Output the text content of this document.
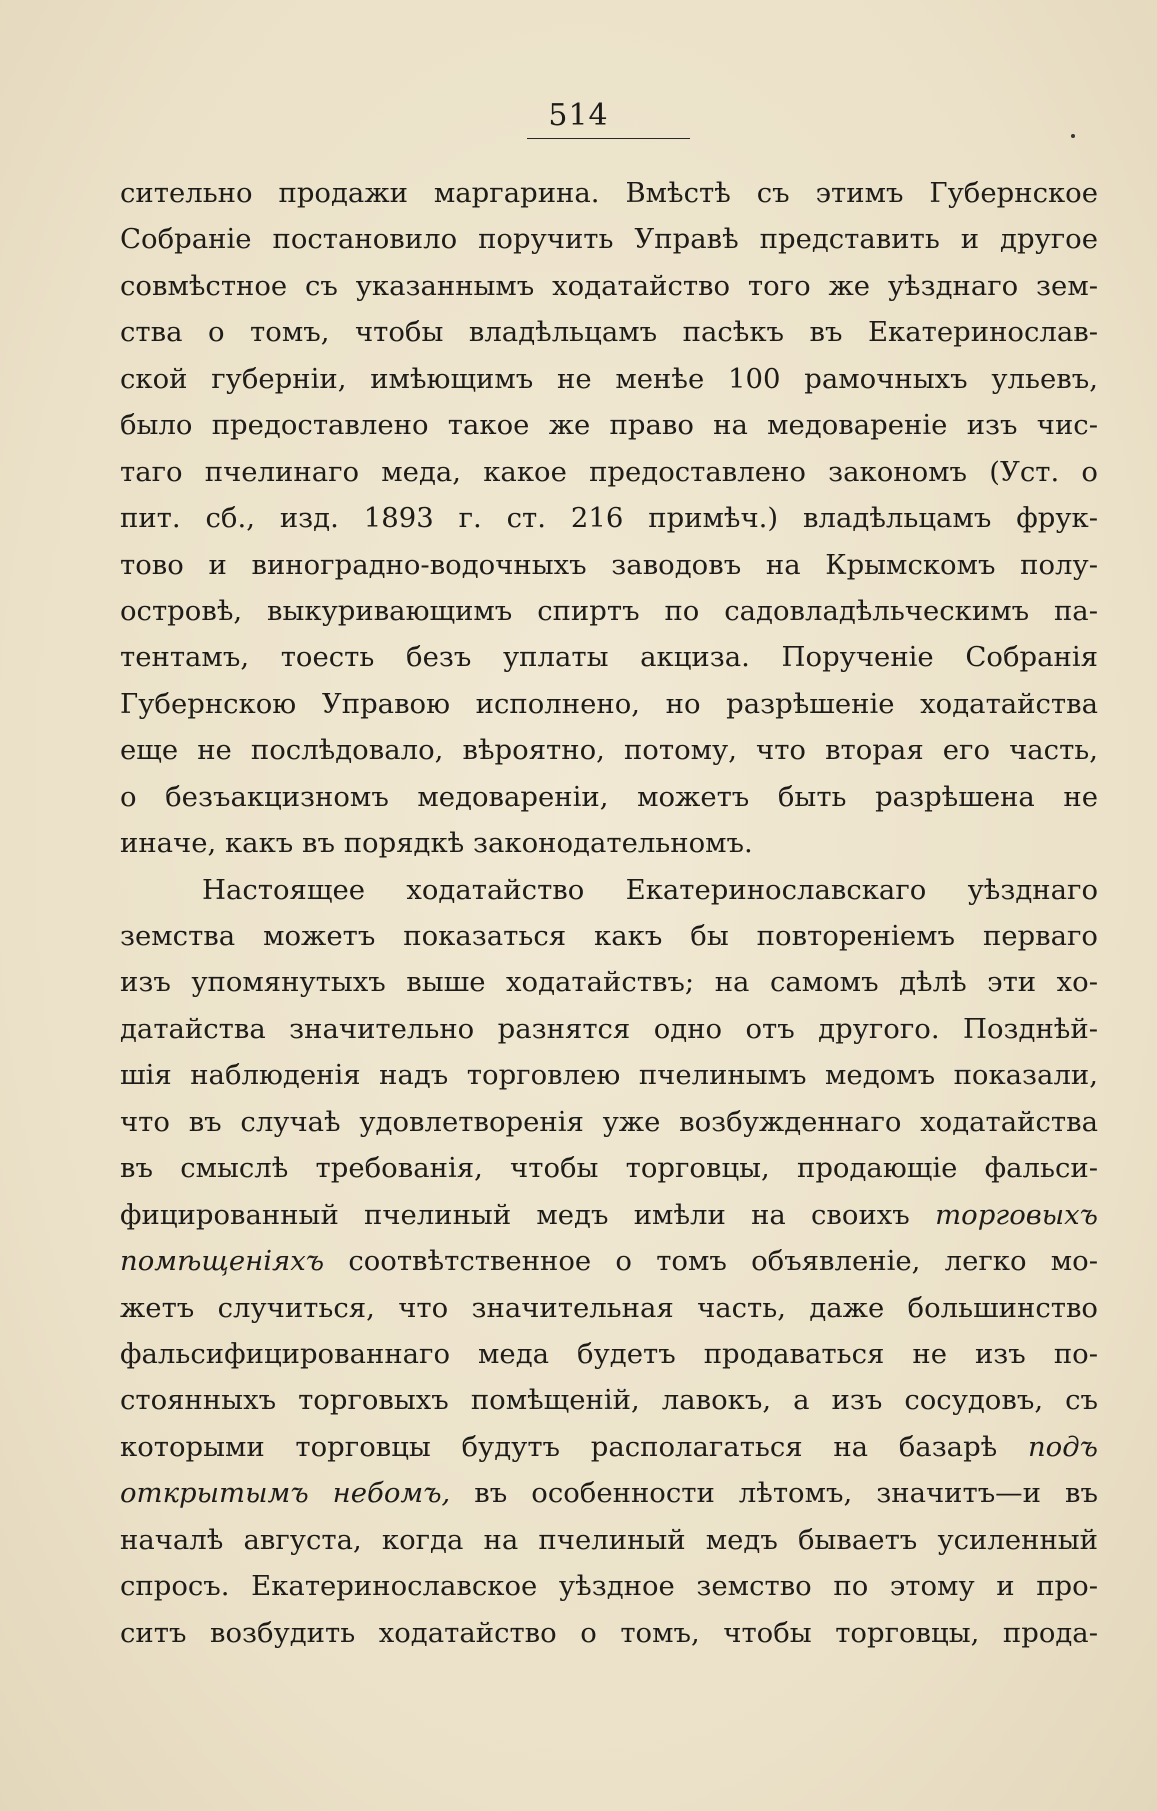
514
сительно продажи маргарина. Вмѣстѣ съ этимъ Губернское
Собраніе постановило поручить Управѣ представить и другое
совмѣстное съ указаннымъ ходатайство того же уѣзднаго зем-
ства о томъ, чтобы владѣльцамъ пасѣкъ въ Екатеринослав-
ской губерніи, имѣющимъ не менѣе 100 рамочныхъ ульевъ,
было предоставлено такое же право на медовареніе изъ чис-
таго пчелинаго меда, какое предоставлено закономъ (Уст. о
пит. сб., изд. 1893 г. ст. 216 примѣч.) владѣльцамъ фрук-
тово и виноградно-водочныхъ заводовъ на Крымскомъ полу-
островѣ, выкуривающимъ спиртъ по садовладѣльческимъ па-
тентамъ, тоесть безъ уплаты акциза. Порученіе Собранія
Губернскою Управою исполнено, но разрѣшеніе ходатайства
еще не послѣдовало, вѣроятно, потому, что вторая его часть,
о безъакцизномъ медовареніи, можетъ быть разрѣшена не
иначе, какъ въ порядкѣ законодательномъ.
Настоящее ходатайство Екатеринославскаго уѣзднаго
земства можетъ показаться какъ бы повтореніемъ перваго
изъ упомянутыхъ выше ходатайствъ; на самомъ дѣлѣ эти хо-
датайства значительно разнятся одно отъ другого. Позднѣй-
шія наблюденія надъ торговлею пчелинымъ медомъ показали,
что въ случаѣ удовлетворенія уже возбужденнаго ходатайства
въ смыслѣ требованія, чтобы торговцы, продающіе фальси-
фицированный пчелиный медъ имѣли на своихъ торговыхъ
помѣщеніяхъ соотвѣтственное о томъ объявленіе, легко мо-
жетъ случиться, что значительная часть, даже большинство
фальсифицированнаго меда будетъ продаваться не изъ по-
стоянныхъ торговыхъ помѣщеній, лавокъ, а изъ сосудовъ, съ
которыми торговцы будутъ располагаться на базарѣ подъ
открытымъ небомъ, въ особенности лѣтомъ, значитъ—и въ
началѣ августа, когда на пчелиный медъ бываетъ усиленный
спросъ. Екатеринославское уѣздное земство по этому и про-
ситъ возбудить ходатайство о томъ, чтобы торговцы, прода-
